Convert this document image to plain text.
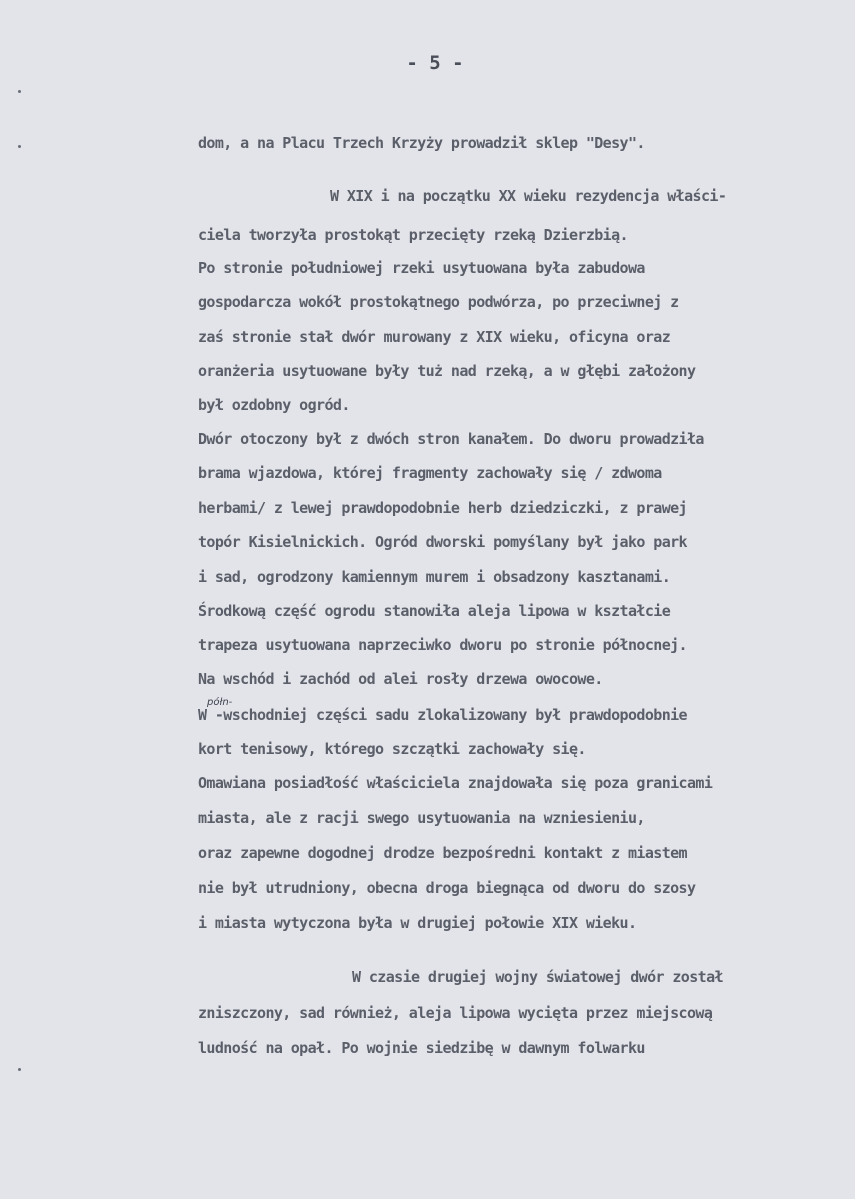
- 5 -
półn-
dom, a na Placu Trzech Krzyży prowadził sklep "Desy".
W XIX i na początku XX wieku rezydencja właści-
ciela tworzyła prostokąt przecięty rzeką Dzierzbią.
Po stronie południowej rzeki usytuowana była zabudowa
gospodarcza wokół prostokątnego podwórza, po przeciwnej z
zaś stronie stał dwór murowany z XIX wieku, oficyna oraz
oranżeria usytuowane były tuż nad rzeką, a w głębi założony
był ozdobny ogród.
Dwór otoczony był z dwóch stron kanałem. Do dworu prowadziła
brama wjazdowa, której fragmenty zachowały się / zdwoma
herbami/ z lewej prawdopodobnie herb dziedziczki, z prawej
topór Kisielnickich. Ogród dworski pomyślany był jako park
i sad, ogrodzony kamiennym murem i obsadzony kasztanami.
Środkową część ogrodu stanowiła aleja lipowa w kształcie
trapeza usytuowana naprzeciwko dworu po stronie północnej.
Na wschód i zachód od alei rosły drzewa owocowe.
W -wschodniej części sadu zlokalizowany był prawdopodobnie
kort tenisowy, którego szczątki zachowały się.
Omawiana posiadłość właściciela znajdowała się poza granicami
miasta, ale z racji swego usytuowania na wzniesieniu,
oraz zapewne dogodnej drodze bezpośredni kontakt z miastem
nie był utrudniony, obecna droga biegnąca od dworu do szosy
i miasta wytyczona była w drugiej połowie XIX wieku.
W czasie drugiej wojny światowej dwór został
zniszczony, sad również, aleja lipowa wycięta przez miejscową
ludność na opał. Po wojnie siedzibę w dawnym folwarku
